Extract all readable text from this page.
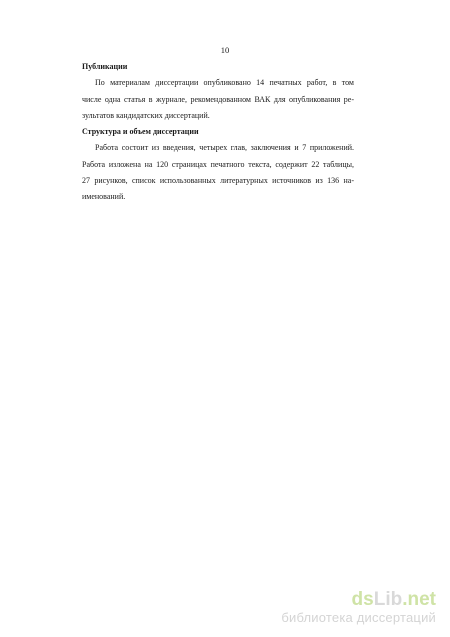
10
Публикации
По материалам диссертации опубликовано 14 печатных работ, в том
числе одна статья в журнале, рекомендованном ВАК для опубликования ре-
зультатов кандидатских диссертаций.
Структура и объем диссертации
Работа состоит из введения, четырех глав, заключения и 7 приложений.
Работа изложена на 120 страницах печатного текста, содержит 22 таблицы,
27 рисунков, список использованных литературных источников из 136 на-
именований.
dsLib.net
библиотека диссертаций
